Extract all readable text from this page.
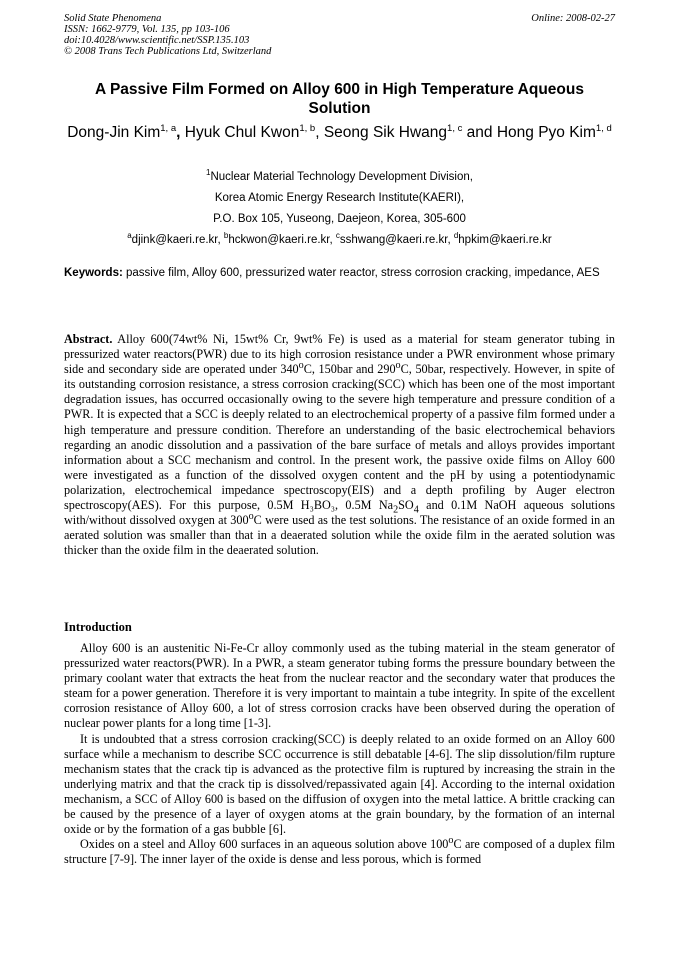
Solid State Phenomena
ISSN: 1662-9779, Vol. 135, pp 103-106
doi:10.4028/www.scientific.net/SSP.135.103
© 2008 Trans Tech Publications Ltd, Switzerland
Online: 2008-02-27
A Passive Film Formed on Alloy 600 in High Temperature Aqueous Solution
Dong-Jin Kim$^{1, a}$, Hyuk Chul Kwon$^{1, b}$, Seong Sik Hwang$^{1, c}$ and Hong Pyo Kim$^{1, d}$
$^1$Nuclear Material Technology Development Division,
Korea Atomic Energy Research Institute(KAERI),
P.O. Box 105, Yuseong, Daejeon, Korea, 305-600
$^a$djink@kaeri.re.kr, $^b$hckwon@kaeri.re.kr, $^c$sshwang@kaeri.re.kr, $^d$hpkim@kaeri.re.kr
Keywords: passive film, Alloy 600, pressurized water reactor, stress corrosion cracking, impedance, AES
Abstract. Alloy 600(74wt% Ni, 15wt% Cr, 9wt% Fe) is used as a material for steam generator tubing in pressurized water reactors(PWR) due to its high corrosion resistance under a PWR environment whose primary side and secondary side are operated under 340$^o$C, 150bar and 290$^o$C, 50bar, respectively. However, in spite of its outstanding corrosion resistance, a stress corrosion cracking(SCC) which has been one of the most important degradation issues, has occurred occasionally owing to the severe high temperature and pressure condition of a PWR. It is expected that a SCC is deeply related to an electrochemical property of a passive film formed under a high temperature and pressure condition. Therefore an understanding of the basic electrochemical behaviors regarding an anodic dissolution and a passivation of the bare surface of metals and alloys provides important information about a SCC mechanism and control. In the present work, the passive oxide films on Alloy 600 were investigated as a function of the dissolved oxygen content and the pH by using a potentiodynamic polarization, electrochemical impedance spectroscopy(EIS) and a depth profiling by Auger electron spectroscopy(AES). For this purpose, 0.5M H₃BO₃, 0.5M $Na_2SO_4$ and 0.1M NaOH aqueous solutions with/without dissolved oxygen at 300$^o$C were used as the test solutions. The resistance of an oxide formed in an aerated solution was smaller than that in a deaerated solution while the oxide film in the aerated solution was thicker than the oxide film in the deaerated solution.
Introduction

Alloy 600 is an austenitic Ni-Fe-Cr alloy commonly used as the tubing material in the steam generator of pressurized water reactors(PWR). In a PWR, a steam generator tubing forms the pressure boundary between the primary coolant water that extracts the heat from the nuclear reactor and the secondary water that produces the steam for a power generation. Therefore it is very important to maintain a tube integrity. In spite of the excellent corrosion resistance of Alloy 600, a lot of stress corrosion cracks have been observed during the operation of nuclear power plants for a long time [1-3].

It is undoubted that a stress corrosion cracking(SCC) is deeply related to an oxide formed on an Alloy 600 surface while a mechanism to describe SCC occurrence is still debatable [4-6]. The slip dissolution/film rupture mechanism states that the crack tip is advanced as the protective film is ruptured by increasing the strain in the underlying matrix and that the crack tip is dissolved/repassivated again [4]. According to the internal oxidation mechanism, a SCC of Alloy 600 is based on the diffusion of oxygen into the metal lattice. A brittle cracking can be caused by the presence of a layer of oxygen atoms at the grain boundary, by the formation of an internal oxide or by the formation of a gas bubble [6].

Oxides on a steel and Alloy 600 surfaces in an aqueous solution above 100$^o$C are composed of a duplex film structure [7-9]. The inner layer of the oxide is dense and less porous, which is formed
